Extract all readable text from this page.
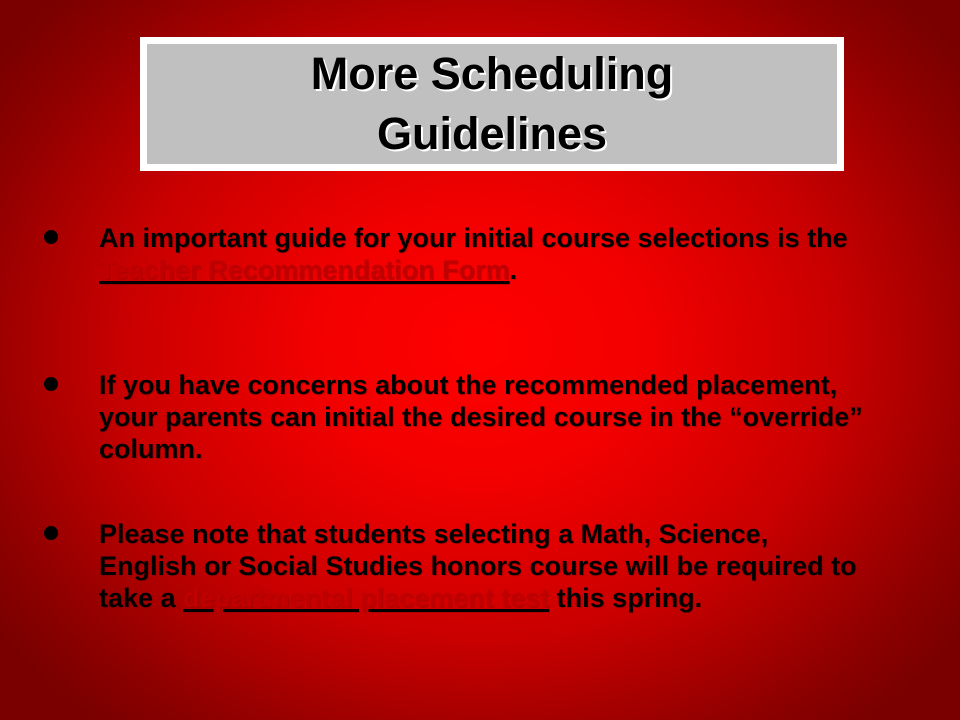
More Scheduling
Guidelines
An important guide for your initial course selections is the Teacher Recommendation Form.
If you have concerns about the recommended placement, your parents can initial the desired course in the “override” column.
Please note that students selecting a Math, Science, English or Social Studies honors course will be required to take a departmental placement test this spring.
